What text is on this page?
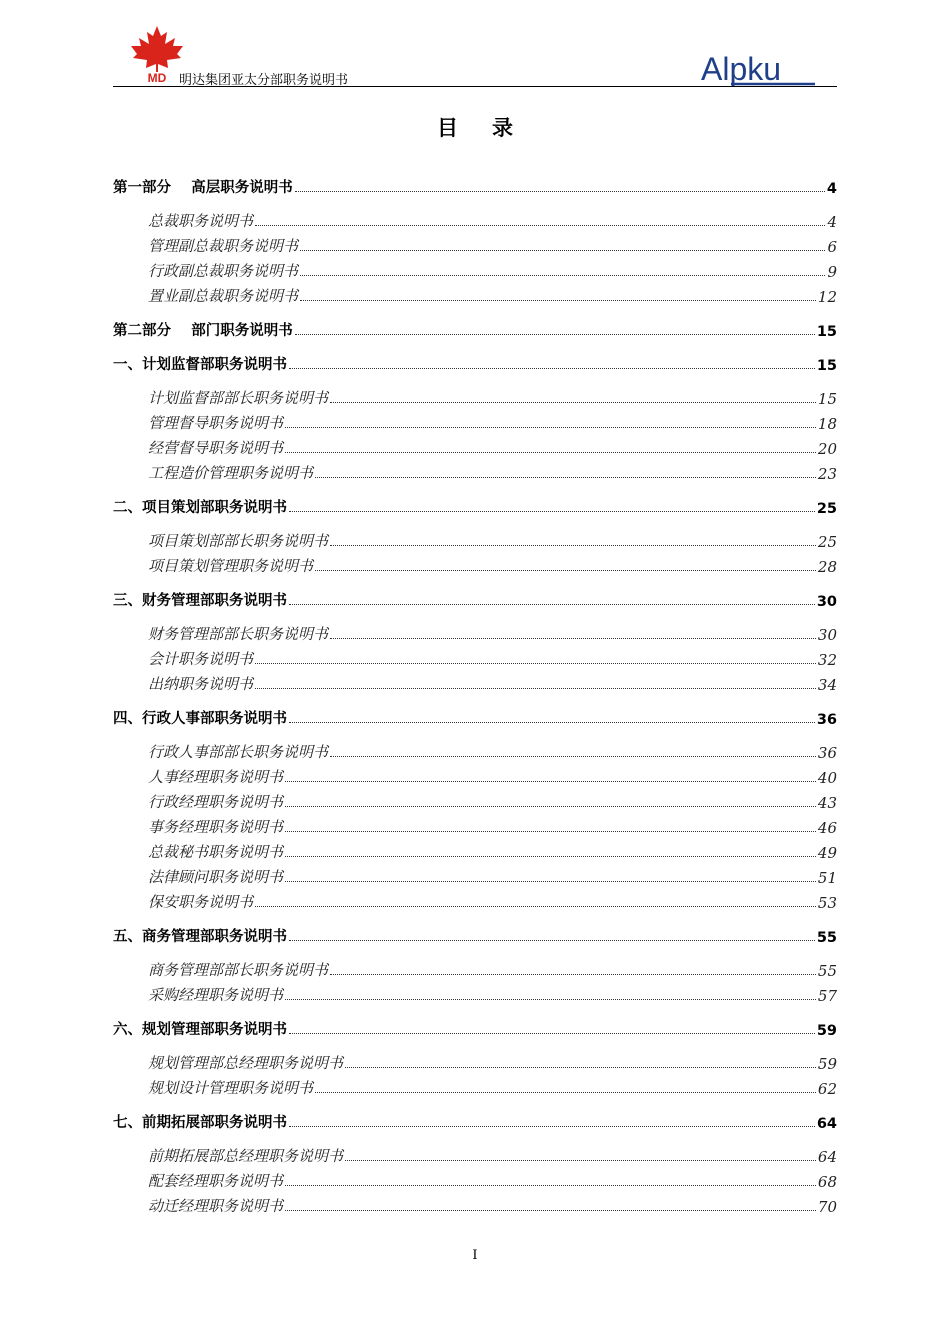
MD 明达集团亚太分部职务说明书	Alpku
目录
第一部分    高层职务说明书	4
总裁职务说明书	4
管理副总裁职务说明书	6
行政副总裁职务说明书	9
置业副总裁职务说明书	12
第二部分    部门职务说明书	15
一、计划监督部职务说明书	15
计划监督部部长职务说明书	15
管理督导职务说明书	18
经营督导职务说明书	20
工程造价管理职务说明书	23
二、项目策划部职务说明书	25
项目策划部部长职务说明书	25
项目策划管理职务说明书	28
三、财务管理部职务说明书	30
财务管理部部长职务说明书	30
会计职务说明书	32
出纳职务说明书	34
四、行政人事部职务说明书	36
行政人事部部长职务说明书	36
人事经理职务说明书	40
行政经理职务说明书	43
事务经理职务说明书	46
总裁秘书职务说明书	49
法律顾问职务说明书	51
保安职务说明书	53
五、商务管理部职务说明书	55
商务管理部部长职务说明书	55
采购经理职务说明书	57
六、规划管理部职务说明书	59
规划管理部总经理职务说明书	59
规划设计管理职务说明书	62
七、前期拓展部职务说明书	64
前期拓展部总经理职务说明书	64
配套经理职务说明书	68
动迁经理职务说明书	70
I
